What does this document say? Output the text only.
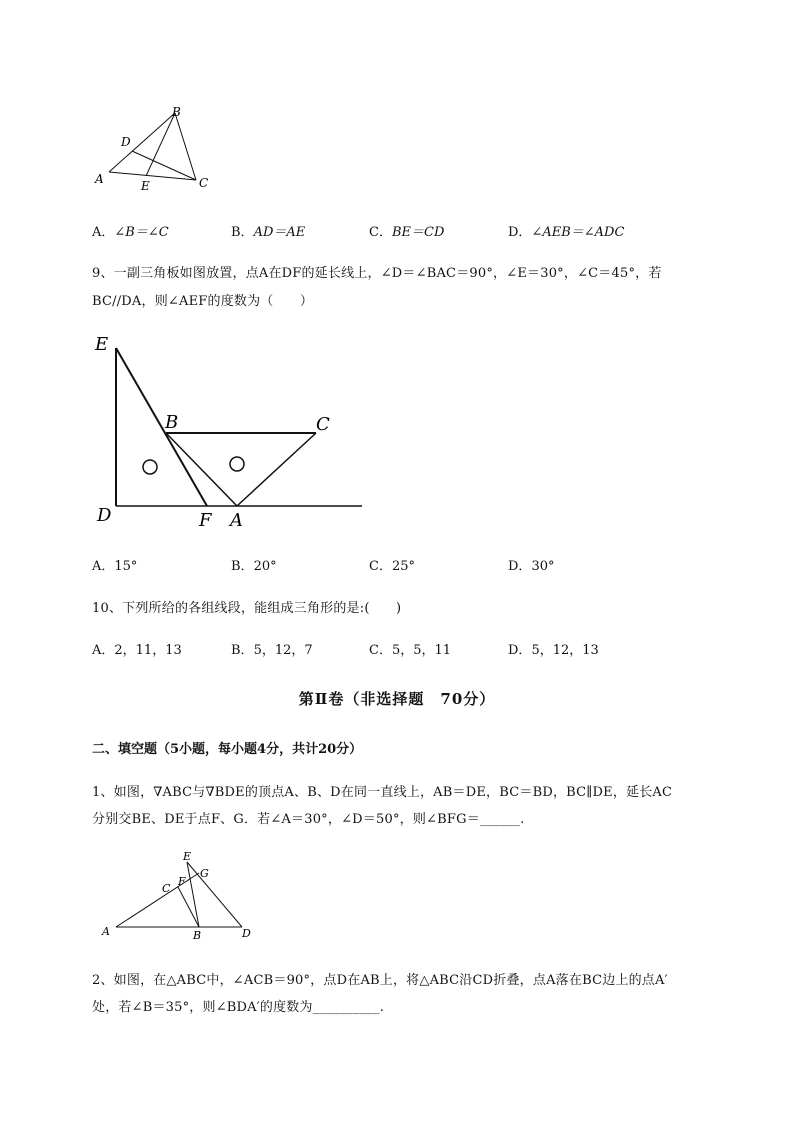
B
D
A	E	C
A．∠B＝∠C	B．AD＝AE	C．BE＝CD	D．∠AEB＝∠ADC
9、一副三角板如图放置，点A在DF的延长线上，∠D＝∠BAC＝90°，∠E＝30°，∠C＝45°，若
BC//DA，则∠AEF的度数为（　　）
E
B	C
D	F A
A．15°	B．20°	C．25°	D．30°
10、下列所给的各组线段，能组成三角形的是:(　　)
A．2，11，13	B．5，12，7	C．5，5，11	D．5，12，13
第Ⅱ卷（非选择题　70分）
二、填空题（5小题，每小题4分，共计20分）
1、如图，∇ABC与∇BDE的顶点A、B、D在同一直线上，AB＝DE，BC＝BD，BC∥DE，延长AC
分别交BE、DE于点F、G．若∠A＝30°，∠D＝50°，则∠BFG＝______.
E
G
F
C
A	B	D
2、如图，在△ABC中，∠ACB＝90°，点D在AB上，将△ABC沿CD折叠，点A落在BC边上的点A′
处，若∠B＝35°，则∠BDA′的度数为__________.
